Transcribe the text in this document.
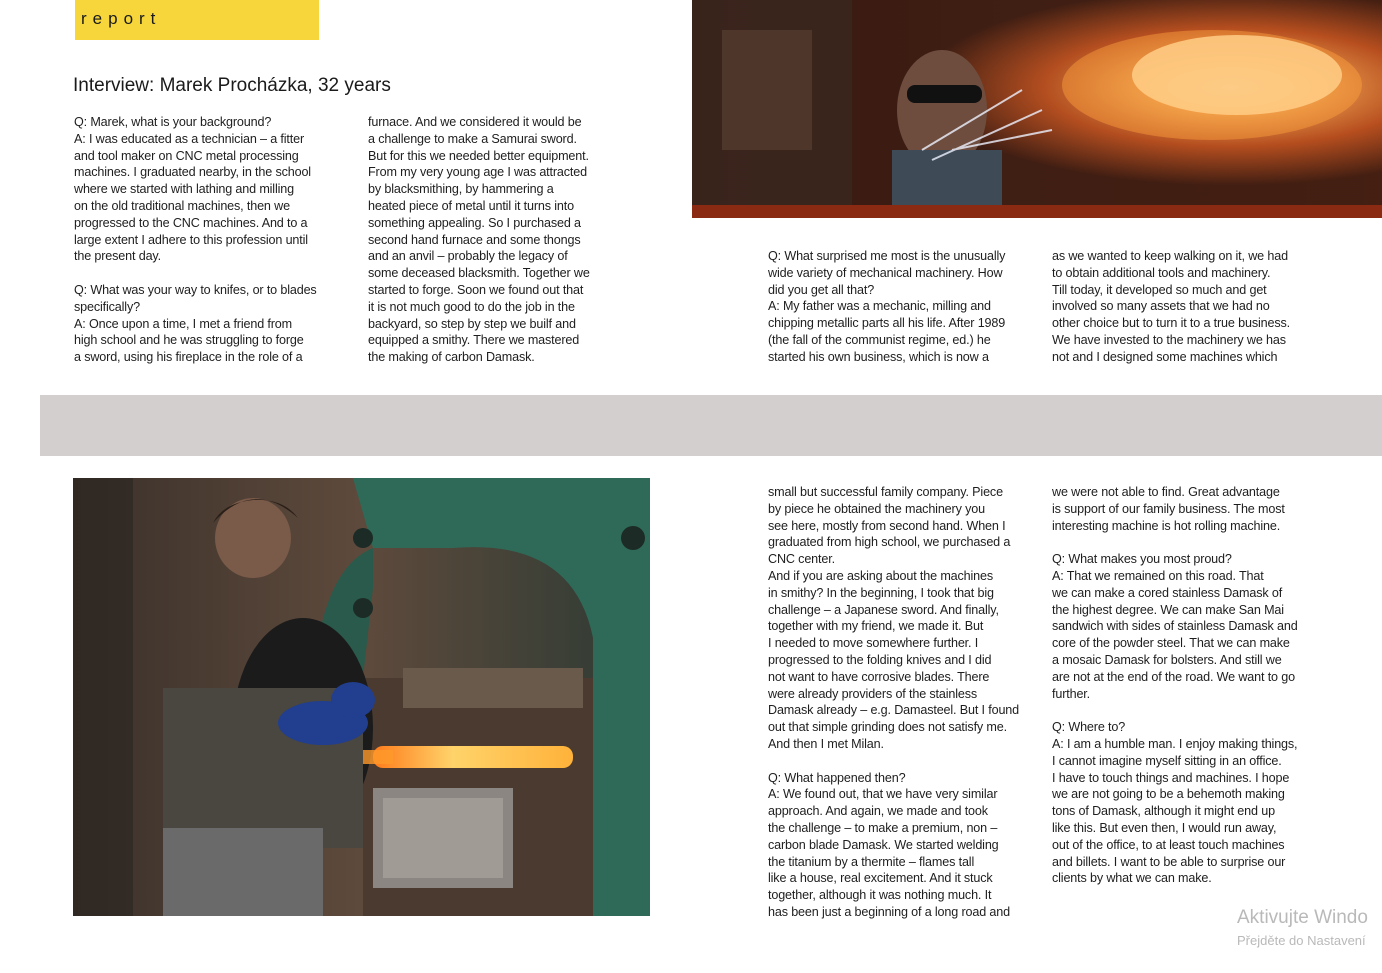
report
Interview: Marek Procházka, 32 years
Q: Marek, what is your background?
A: I was educated as a technician – a fitter
and tool maker on CNC metal processing
machines. I graduated nearby, in the school
where we started with lathing and milling
on the old traditional machines, then we
progressed to the CNC machines. And to a
large extent I adhere to this profession until
the present day.

Q: What was your way to knifes, or to blades
specifically?
A: Once upon a time, I met a friend from
high school and he was struggling to forge
a sword, using his fireplace in the role of a
furnace. And we considered it would be
a challenge to make a Samurai sword.
But for this we needed better equipment.
From my very young age I was attracted
by blacksmithing, by hammering a
heated piece of metal until it turns into
something appealing. So I purchased a
second hand furnace and some thongs
and an anvil – probably the legacy of
some deceased blacksmith. Together we
started to forge. Soon we found out that
it is not much good to do the job in the
backyard, so step by step we builf and
equipped a smithy. There we mastered
the making of carbon Damask.
Q: What surprised me most is the unusually
wide variety of mechanical machinery. How
did you get all that?
A: My father was a mechanic, milling and
chipping metallic parts all his life. After 1989
(the fall of the communist regime, ed.) he
started his own business, which is now a
as we wanted to keep walking on it, we had
to obtain additional tools and machinery.
Till today, it developed so much and get
involved so many assets that we had no
other choice but to turn it to a true business.
We have invested to the machinery we has
not and I designed some machines which
small but successful family company. Piece
by piece he obtained the machinery you
see here, mostly from second hand. When I
graduated from high school, we purchased a
CNC center.
And if you are asking about the machines
in smithy? In the beginning, I took that big
challenge – a Japanese sword. And finally,
together with my friend, we made it. But
I needed to move somewhere further. I
progressed to the folding knives and I did
not want to have corrosive blades. There
were already providers of the stainless
Damask already – e.g. Damasteel. But I found
out that simple grinding does not satisfy me.
And then I met Milan.

Q: What happened then?
A: We found out, that we have very similar
approach. And again, we made and took
the challenge – to make a premium, non –
carbon blade Damask. We started welding
the titanium by a thermite – flames tall
like a house, real excitement. And it stuck
together, although it was nothing much. It
has been just a beginning of a long road and
we were not able to find. Great advantage
is support of our family business. The most
interesting machine is hot rolling machine.

Q: What makes you most proud?
A: That we remained on this road. That
we can make a cored stainless Damask of
the highest degree. We can make San Mai
sandwich with sides of stainless Damask and
core of the powder steel. That we can make
a mosaic Damask for bolsters. And still we
are not at the end of the road. We want to go
further.

Q: Where to?
A: I am a humble man. I enjoy making things,
I cannot imagine myself sitting in an office.
I have to touch things and machines. I hope
we are not going to be a behemoth making
tons of Damask, although it might end up
like this. But even then, I would run away,
out of the office, to at least touch machines
and billets. I want to be able to surprise our
clients by what we can make.
Aktivujte Windo
Přejděte do Nastavení
